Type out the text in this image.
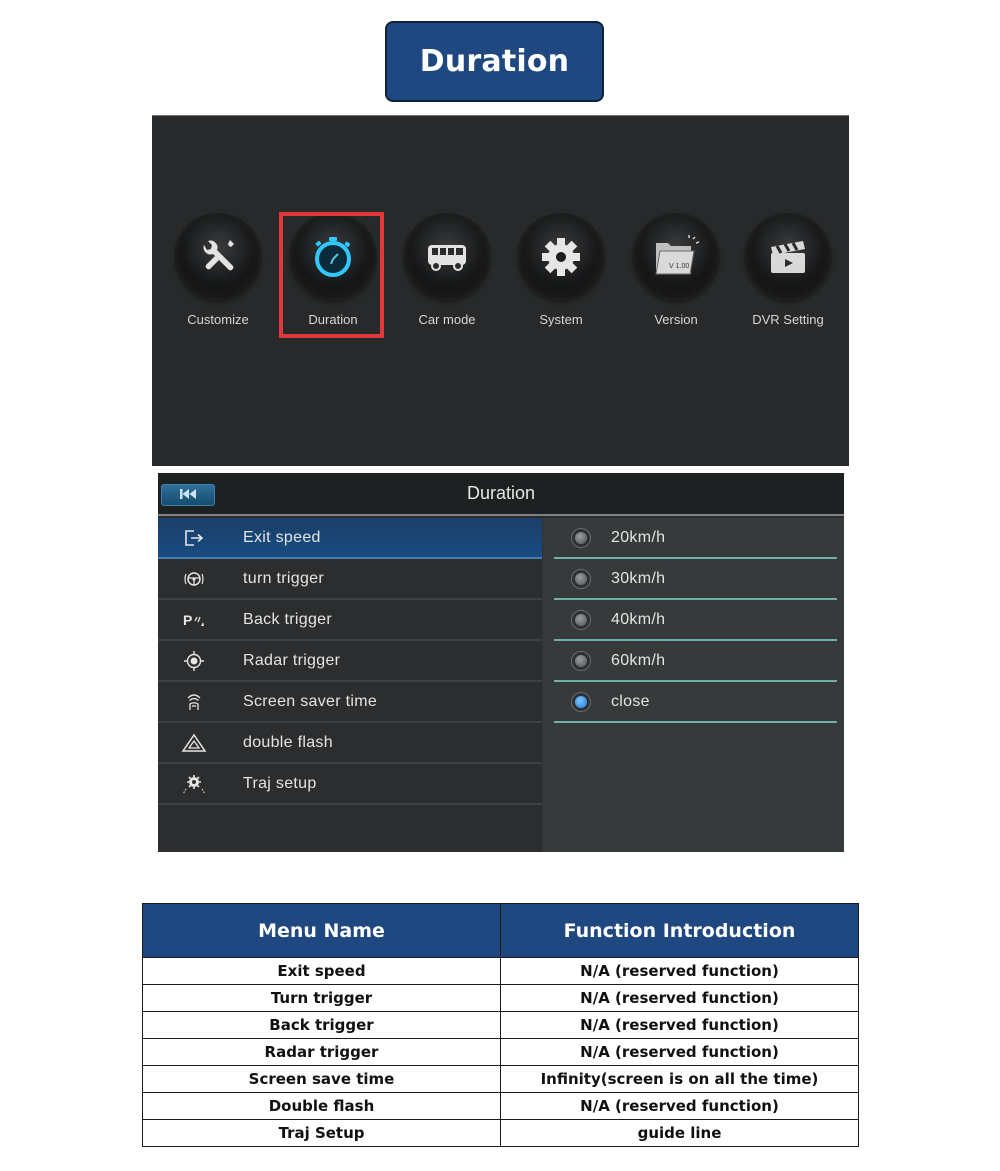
Duration
Customize	Duration	Car mode	System
V 1.00
Version	DVR Setting
Duration
Exit speed
turn trigger
P	Back trigger
Radar trigger
Screen saver time
double flash
Traj setup
20km/h
30km/h
40km/h
60km/h
close
Menu Name	Function Introduction
Exit speed	N/A (reserved function)
Turn trigger	N/A (reserved function)
Back trigger	N/A (reserved function)
Radar trigger	N/A (reserved function)
Screen save time	Infinity(screen is on all the time)
Double flash	N/A (reserved function)
Traj Setup	guide line
